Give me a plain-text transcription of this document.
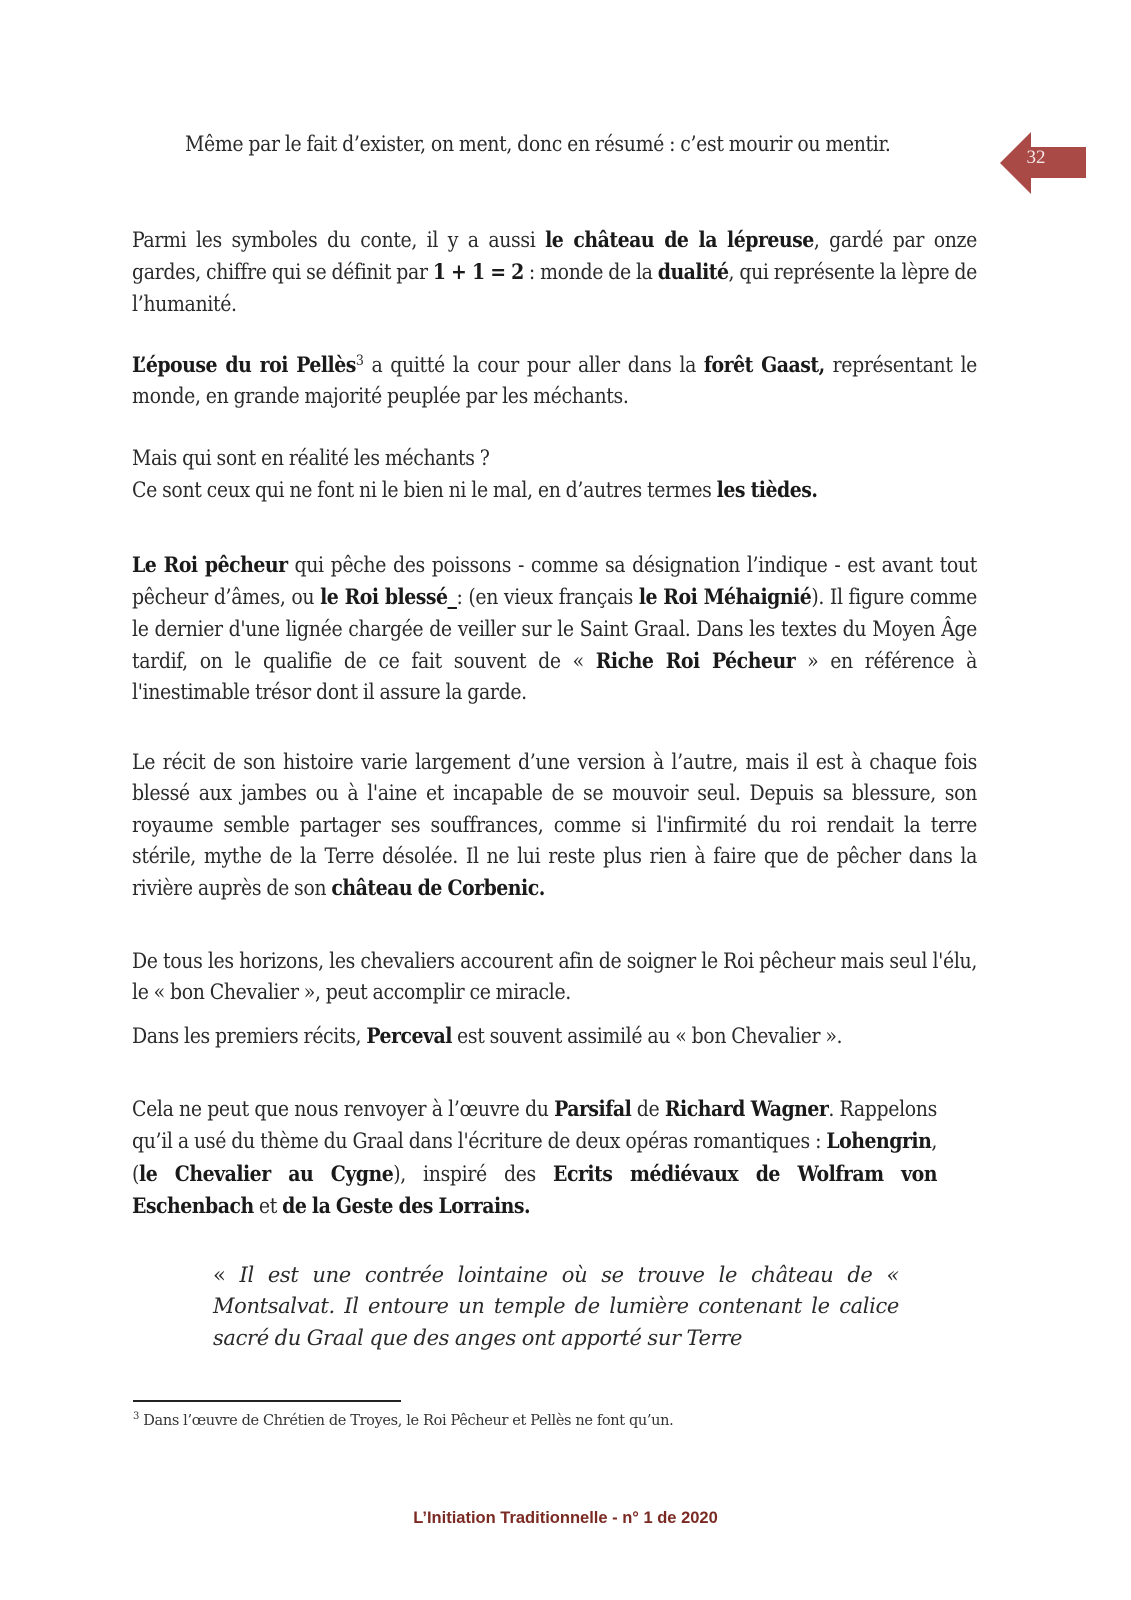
32

Même par le fait d’exister, on ment, donc en résumé : c’est mourir ou mentir.

Parmi les symboles du conte, il y a aussi le château de la lépreuse, gardé par onze gardes, chiffre qui se définit par 1 + 1 = 2 : monde de la dualité, qui représente la lèpre de l’humanité.

L’épouse du roi Pellès$^3$ a quitté la cour pour aller dans la forêt Gaast, représentant le monde, en grande majorité peuplée par les méchants.

Mais qui sont en réalité les méchants ?
Ce sont ceux qui ne font ni le bien ni le mal, en d’autres termes les tièdes.

Le Roi pêcheur qui pêche des poissons - comme sa désignation l’indique - est avant tout pêcheur d’âmes, ou le Roi blessé_: (en vieux français le Roi Méhaignié). Il figure comme le dernier d'une lignée chargée de veiller sur le Saint Graal. Dans les textes du Moyen Âge tardif, on le qualifie de ce fait souvent de « Riche Roi Pécheur » en référence à l'inestimable trésor dont il assure la garde.

Le récit de son histoire varie largement d’une version à l’autre, mais il est à chaque fois blessé aux jambes ou à l'aine et incapable de se mouvoir seul. Depuis sa blessure, son royaume semble partager ses souffrances, comme si l'infirmité du roi rendait la terre stérile, mythe de la Terre désolée. Il ne lui reste plus rien à faire que de pêcher dans la rivière auprès de son château de Corbenic.

De tous les horizons, les chevaliers accourent afin de soigner le Roi pêcheur mais seul l'élu, le « bon Chevalier », peut accomplir ce miracle.

Dans les premiers récits, Perceval est souvent assimilé au « bon Chevalier ».

Cela ne peut que nous renvoyer à l’œuvre du Parsifal de Richard Wagner. Rappelons qu’il a usé du thème du Graal dans l'écriture de deux opéras romantiques : Lohengrin, (le Chevalier au Cygne), inspiré des Ecrits médiévaux de Wolfram von Eschenbach et de la Geste des Lorrains.

« Il est une contrée lointaine où se trouve le château de « Montsalvat. Il entoure un temple de lumière contenant le calice sacré du Graal que des anges ont apporté sur Terre

$^3$ Dans l’œuvre de Chrétien de Troyes, le Roi Pêcheur et Pellès ne font qu’un.

L’Initiation Traditionnelle - n° 1 de 2020
